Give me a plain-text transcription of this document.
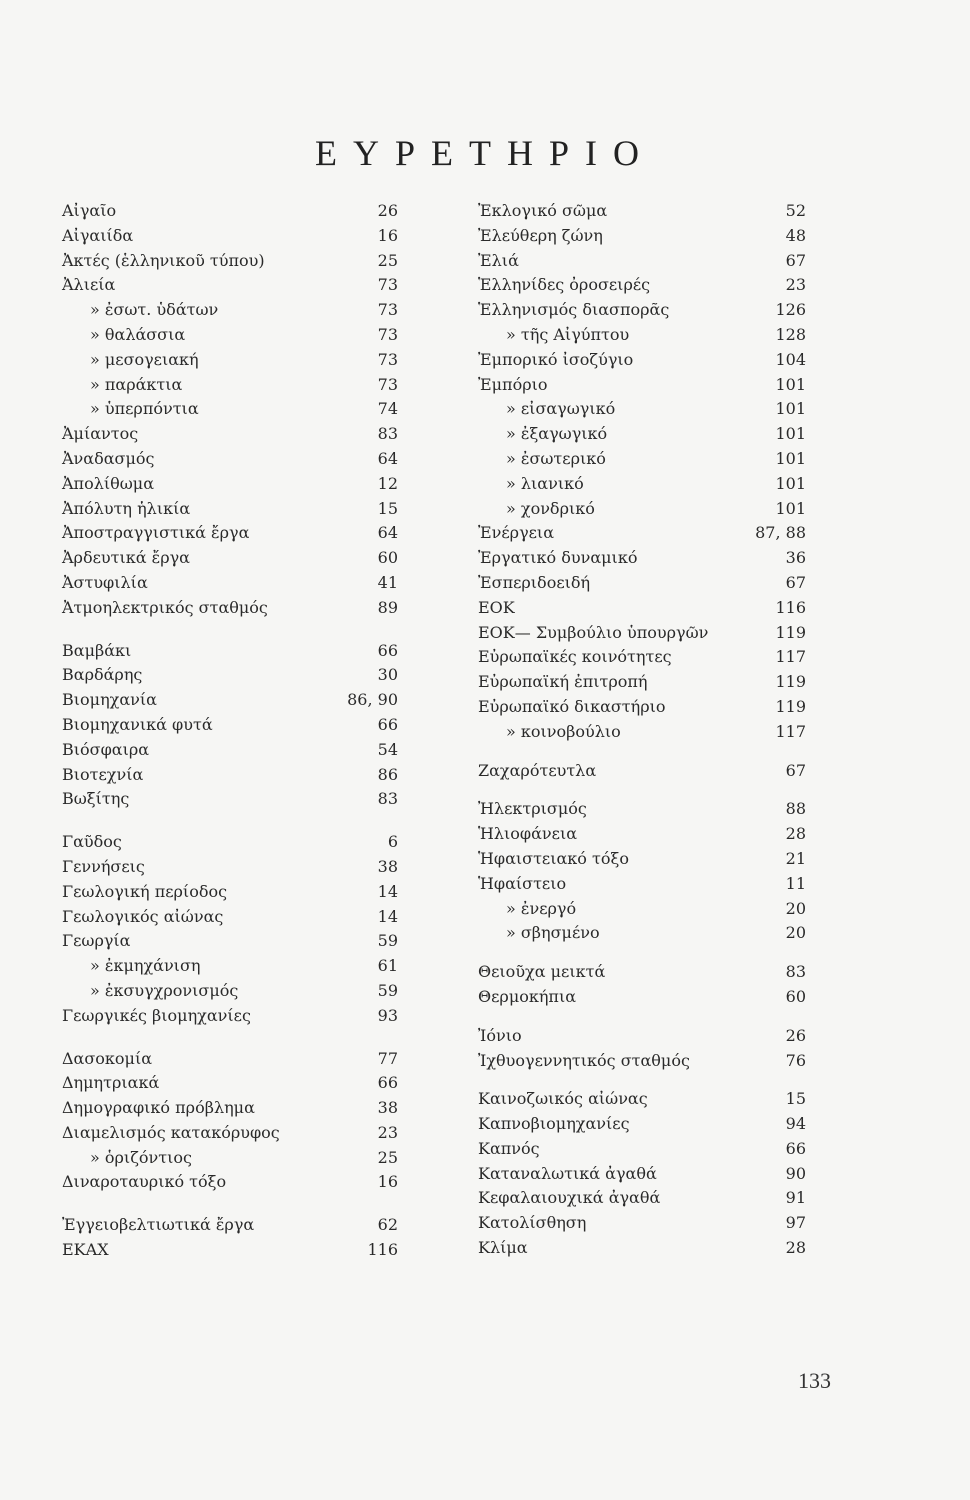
ΕΥΡΕΤΗΡΙΟ
Αἰγαῖο	26
Αἰγαιίδα	16
Ἀκτές (ἑλληνικοῦ τύπου)	25
Ἀλιεία	73
» ἐσωτ. ὑδάτων	73
» θαλάσσια	73
» μεσογειακή	73
» παράκτια	73
» ὑπερπόντια	74
Ἀμίαντος	83
Ἀναδασμός	64
Ἀπολίθωμα	12
Ἀπόλυτη ἡλικία	15
Ἀποστραγγιστικά ἔργα	64
Ἀρδευτικά ἔργα	60
Ἀστυφιλία	41
Ἀτμοηλεκτρικός σταθμός	89
Βαμβάκι	66
Βαρδάρης	30
Βιομηχανία	86, 90
Βιομηχανικά φυτά	66
Βιόσφαιρα	54
Βιοτεχνία	86
Βωξίτης	83
Γαῦδος	6
Γεννήσεις	38
Γεωλογική περίοδος	14
Γεωλογικός αἰώνας	14
Γεωργία	59
» ἐκμηχάνιση	61
» ἐκσυγχρονισμός	59
Γεωργικές βιομηχανίες	93
Δασοκομία	77
Δημητριακά	66
Δημογραφικό πρόβλημα	38
Διαμελισμός κατακόρυφος	23
» ὁριζόντιος	25
Διναροταυρικό τόξο	16
Ἐγγειοβελτιωτικά ἔργα	62
ΕΚΑΧ	116
Ἐκλογικό σῶμα	52
Ἐλεύθερη ζώνη	48
Ἐλιά	67
Ἑλληνίδες ὀροσειρές	23
Ἑλληνισμός διασπορᾶς	126
» τῆς Αἰγύπτου	128
Ἐμπορικό ἰσοζύγιο	104
Ἐμπόριο	101
» εἰσαγωγικό	101
» ἐξαγωγικό	101
» ἐσωτερικό	101
» λιανικό	101
» χονδρικό	101
Ἐνέργεια	87, 88
Ἐργατικό δυναμικό	36
Ἐσπεριδοειδή	67
ΕΟΚ	116
ΕΟΚ— Συμβούλιο ὑπουργῶν	119
Εὐρωπαϊκές κοινότητες	117
Εὐρωπαϊκή ἐπιτροπή	119
Εὐρωπαϊκό δικαστήριο	119
» κοινοβούλιο	117
Ζαχαρότευτλα	67
Ἠλεκτρισμός	88
Ἡλιοφάνεια	28
Ἡφαιστειακό τόξο	21
Ἡφαίστειο	11
» ἐνεργό	20
» σβησμένο	20
Θειοῦχα μεικτά	83
Θερμοκήπια	60
Ἰόνιο	26
Ἰχθυογεννητικός σταθμός	76
Καινοζωικός αἰώνας	15
Καπνοβιομηχανίες	94
Καπνός	66
Καταναλωτικά ἀγαθά	90
Κεφαλαιουχικά ἀγαθά	91
Κατολίσθηση	97
Κλίμα	28
133
